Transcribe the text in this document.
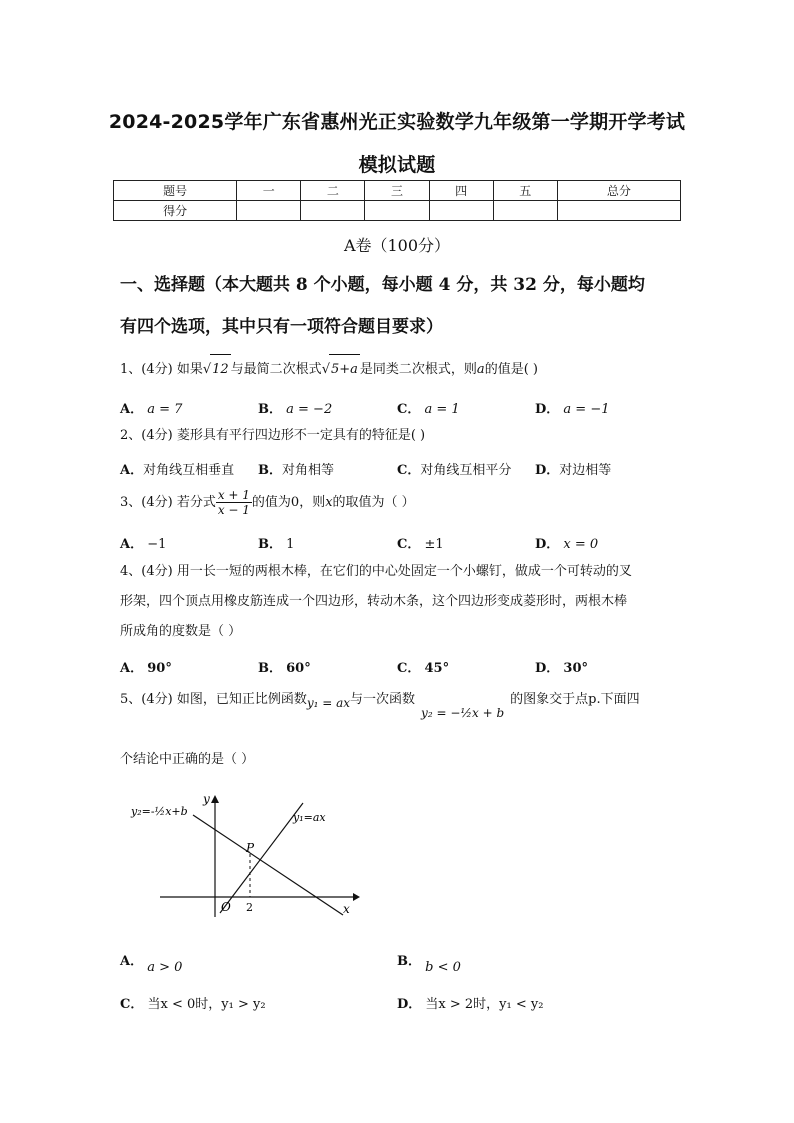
2024-2025学年广东省惠州光正实验数学九年级第一学期开学考试
模拟试题
题号	一	二	三	四	五	总分
得分						
A卷（100分）
一、选择题（本大题共 8 个小题，每小题 4 分，共 32 分，每小题均
有四个选项，其中只有一项符合题目要求）
1、(4分) 如果√12 与最简二次根式√5+a 是同类二次根式，则a的值是( )
A． a = 7	B． a = −2	C． a = 1	D． a = −1
2、(4分) 菱形具有平行四边形不一定具有的特征是( )
A．对角线互相垂直 B．对角相等	C．对角线互相平分 D．对边相等
3、(4分) 若分式 $\frac{x + 1}{x - 1}$ 的值为0，则x的取值为（ ）
A． −1	B． 1	C． ±1	D． x = 0
4、(4分) 用一长一短的两根木棒，在它们的中心处固定一个小螺钉，做成一个可转动的叉
形架，四个顶点用橡皮筋连成一个四边形，转动木条，这个四边形变成菱形时，两根木棒
所成角的度数是（ ）
A． 90°	B． 60°	C． 45°	D． 30°
5、(4分) 如图，已知正比例函数y₁ = ax与一次函数y₂ = −½x + b的图象交于点p.下面四
个结论中正确的是（ ）
y₂=-½x+b	y₁=ax
y
x
O
P
2
A． a > 0	B． b < 0
C． 当x < 0时，y₁ > y₂	D． 当x > 2时，y₁ < y₂
